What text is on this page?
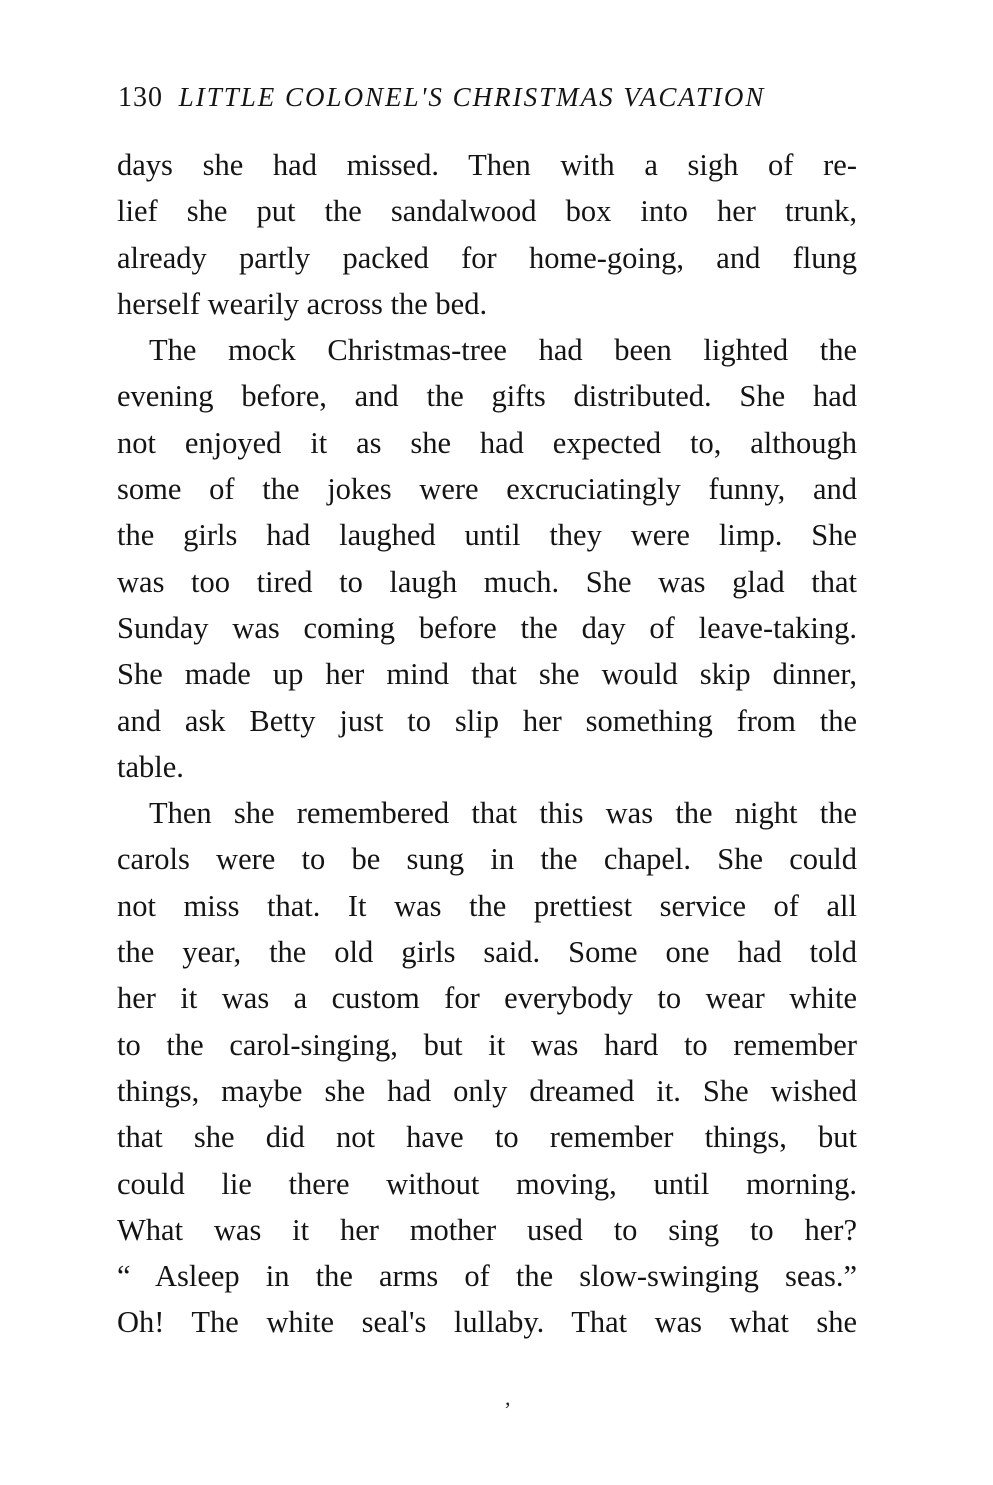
130 LITTLE COLONEL'S CHRISTMAS VACATION
days she had missed. Then with a sigh of re-
lief she put the sandalwood box into her trunk,
already partly packed for home-going, and flung
herself wearily across the bed.
The mock Christmas-tree had been lighted the
evening before, and the gifts distributed. She had
not enjoyed it as she had expected to, although
some of the jokes were excruciatingly funny, and
the girls had laughed until they were limp. She
was too tired to laugh much. She was glad that
Sunday was coming before the day of leave-taking.
She made up her mind that she would skip dinner,
and ask Betty just to slip her something from the
table.
Then she remembered that this was the night the
carols were to be sung in the chapel. She could
not miss that. It was the prettiest service of all
the year, the old girls said. Some one had told
her it was a custom for everybody to wear white
to the carol-singing, but it was hard to remember
things, maybe she had only dreamed it. She wished
that she did not have to remember things, but
could lie there without moving, until morning.
What was it her mother used to sing to her?
“ Asleep in the arms of the slow-swinging seas.”
Oh! The white seal's lullaby. That was what she
,
